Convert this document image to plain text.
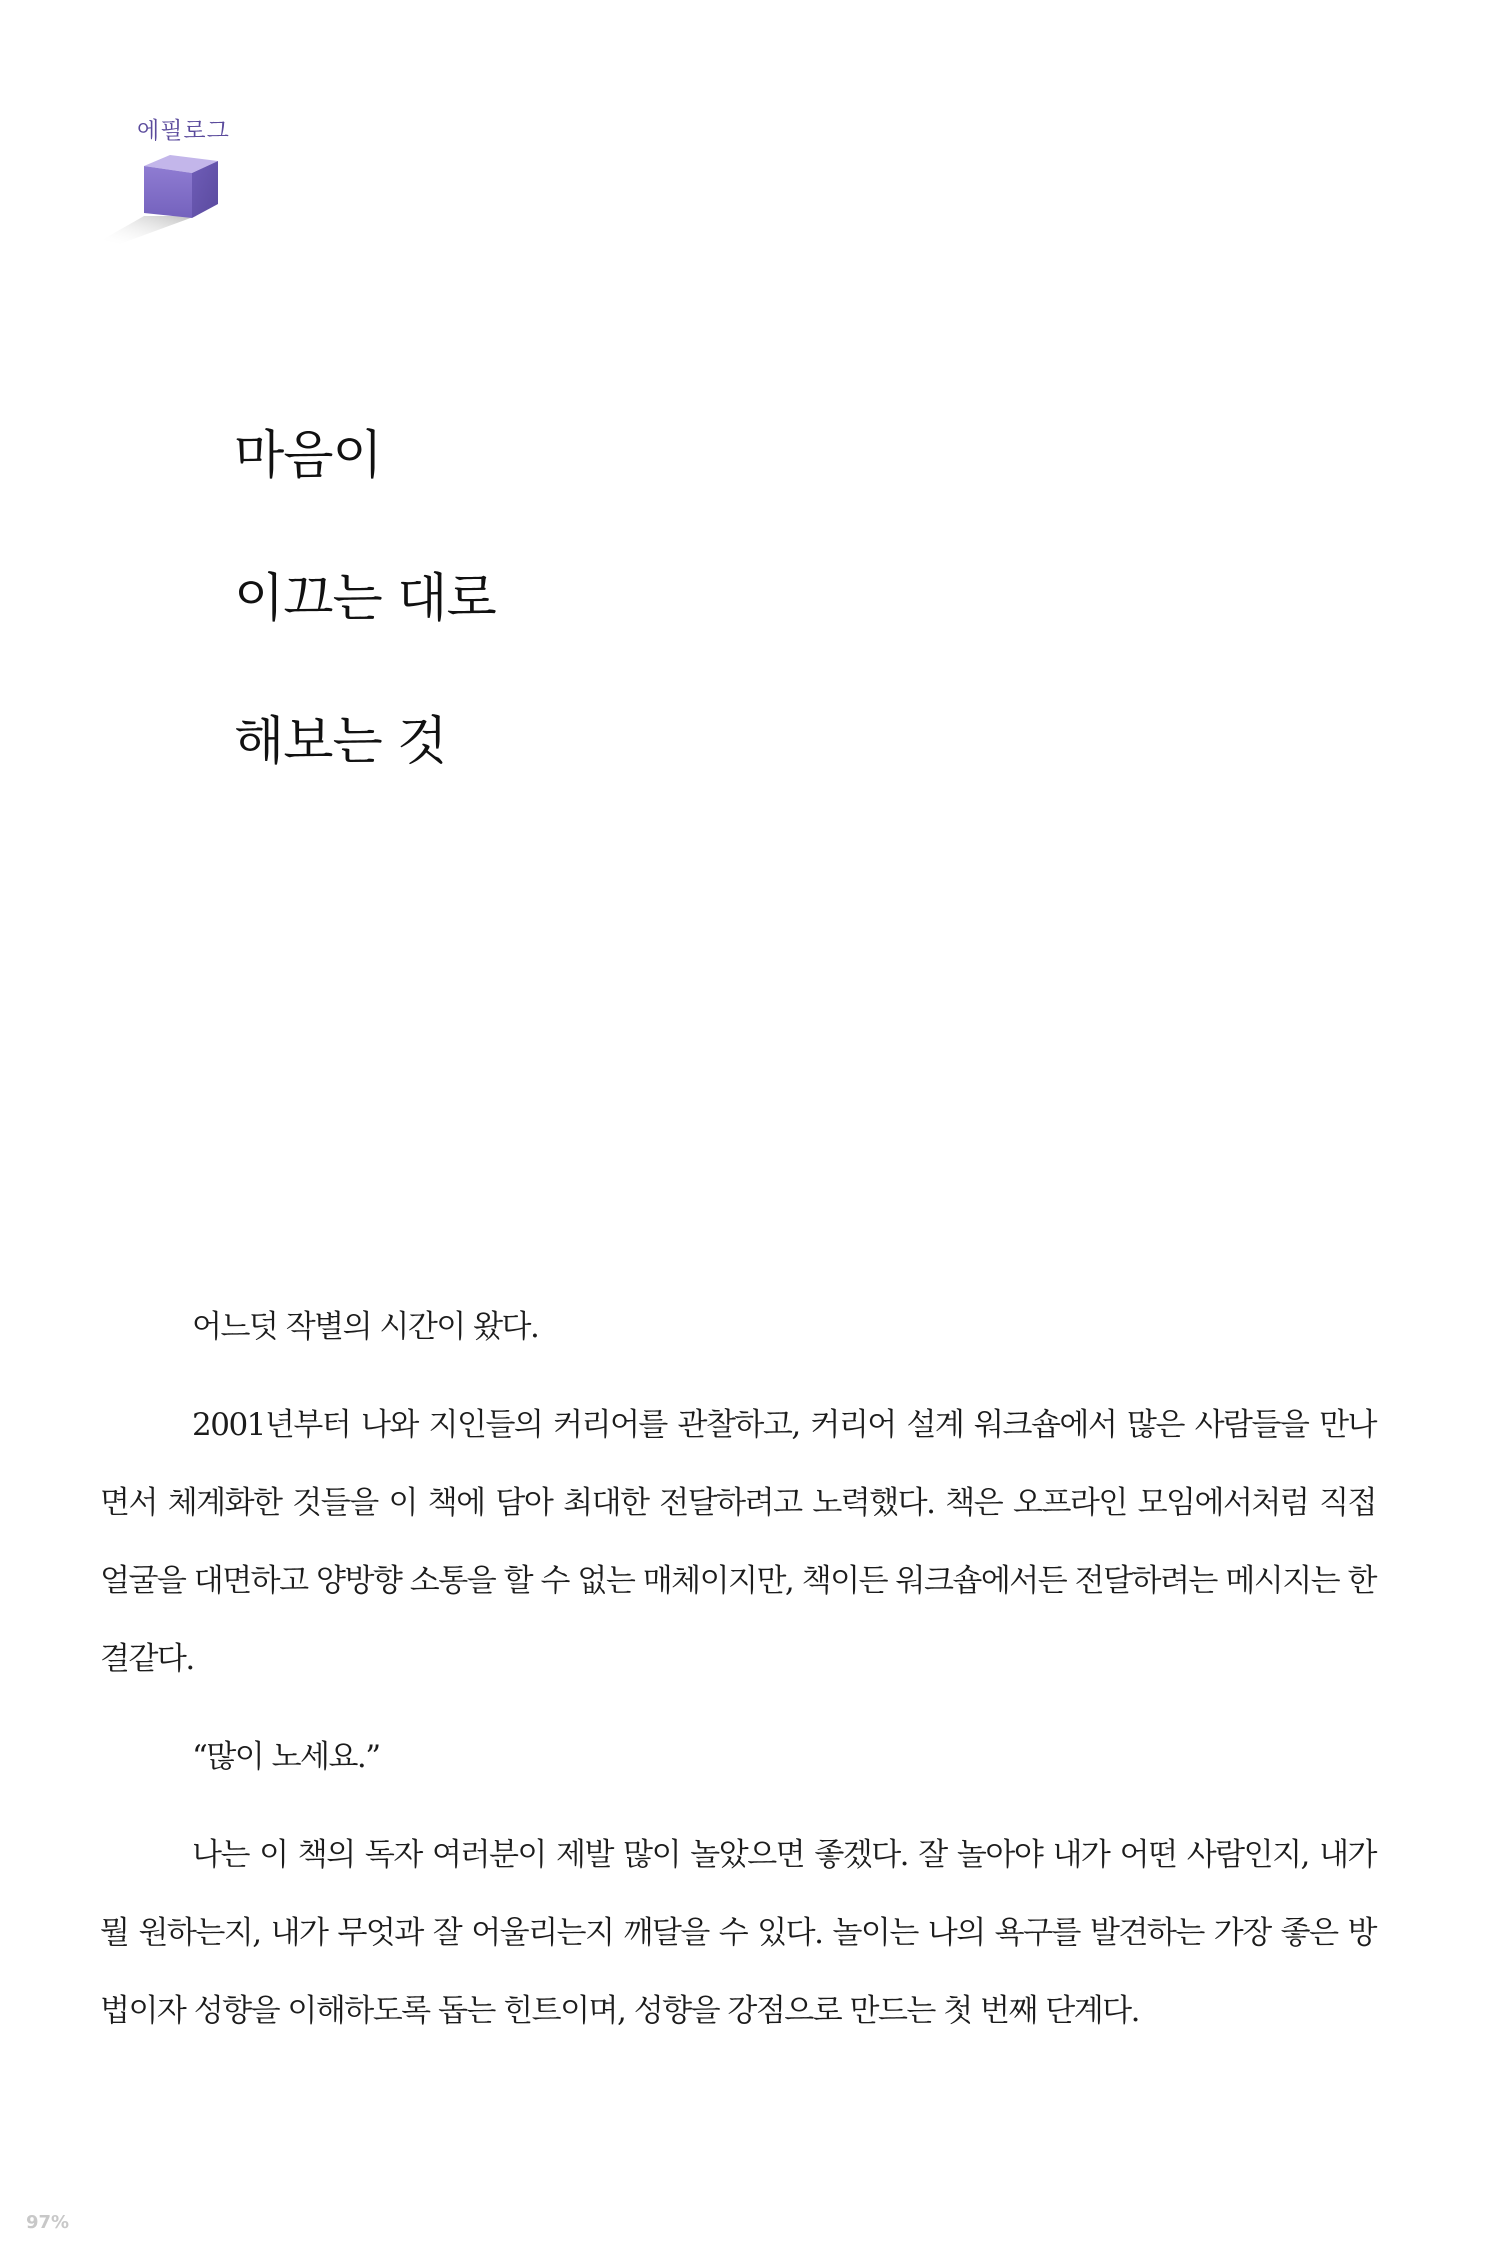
에필로그
마음이
이끄는 대로
해보는 것

어느덧 작별의 시간이 왔다.

2001년부터 나와 지인들의 커리어를 관찰하고, 커리어 설계 워크숍에서 많은 사람들을 만나면서 체계화한 것들을 이 책에 담아 최대한 전달하려고 노력했다. 책은 오프라인 모임에서처럼 직접 얼굴을 대면하고 양방향 소통을 할 수 없는 매체이지만, 책이든 워크숍에서든 전달하려는 메시지는 한결같다.

“많이 노세요.”

나는 이 책의 독자 여러분이 제발 많이 놀았으면 좋겠다. 잘 놀아야 내가 어떤 사람인지, 내가 뭘 원하는지, 내가 무엇과 잘 어울리는지 깨달을 수 있다. 놀이는 나의 욕구를 발견하는 가장 좋은 방법이자 성향을 이해하도록 돕는 힌트이며, 성향을 강점으로 만드는 첫 번째 단계다.

97%
